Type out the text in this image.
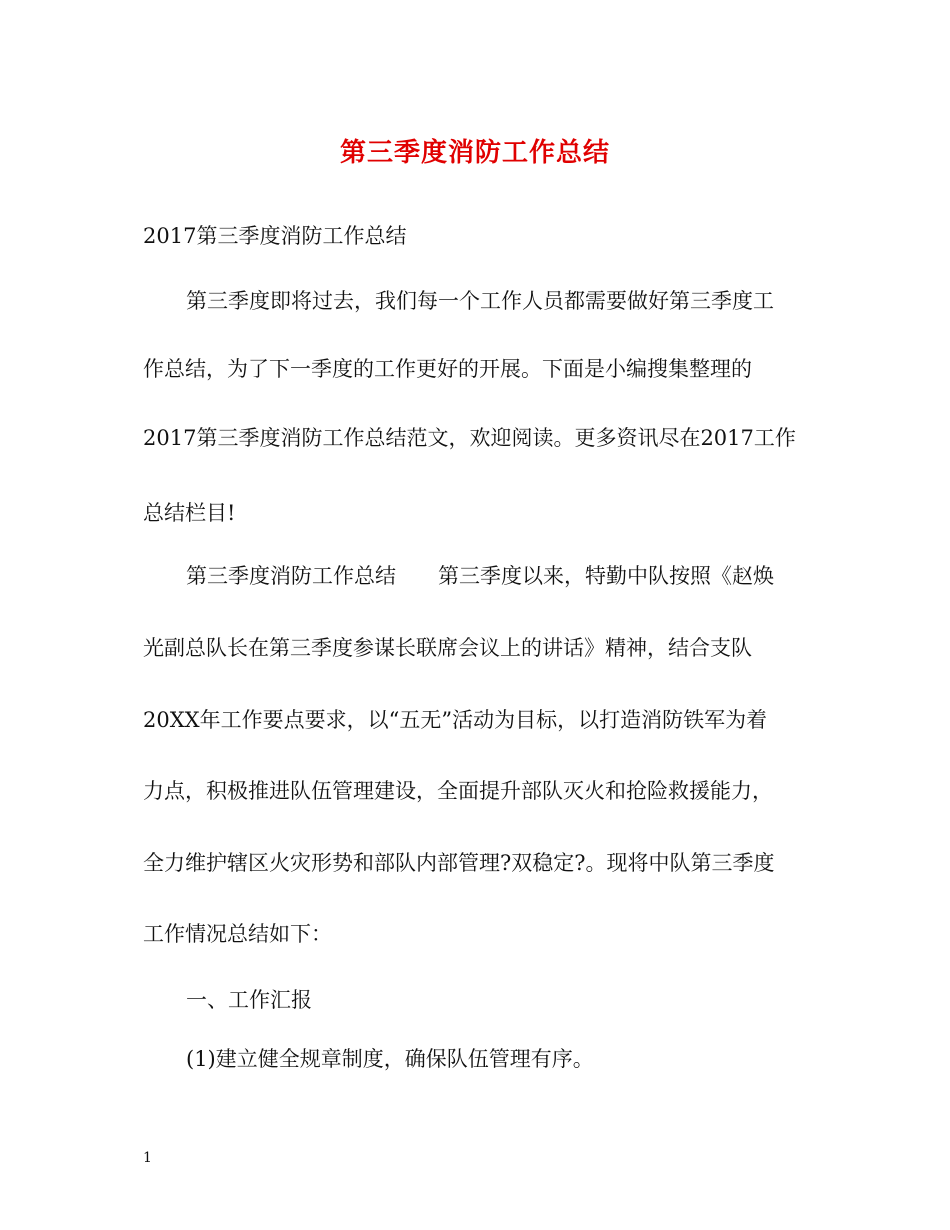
第三季度消防工作总结

2017第三季度消防工作总结

第三季度即将过去，我们每一个工作人员都需要做好第三季度工

作总结，为了下一季度的工作更好的开展。下面是小编搜集整理的

2017第三季度消防工作总结范文，欢迎阅读。更多资讯尽在2017工作

总结栏目!

第三季度消防工作总结　　第三季度以来，特勤中队按照《赵焕

光副总队长在第三季度参谋长联席会议上的讲话》精神，结合支队

20XX年工作要点要求，以“五无”活动为目标，以打造消防铁军为着

力点，积极推进队伍管理建设，全面提升部队灭火和抢险救援能力，

全力维护辖区火灾形势和部队内部管理?双稳定?。现将中队第三季度

工作情况总结如下：

一、工作汇报

(1)建立健全规章制度，确保队伍管理有序。

1
